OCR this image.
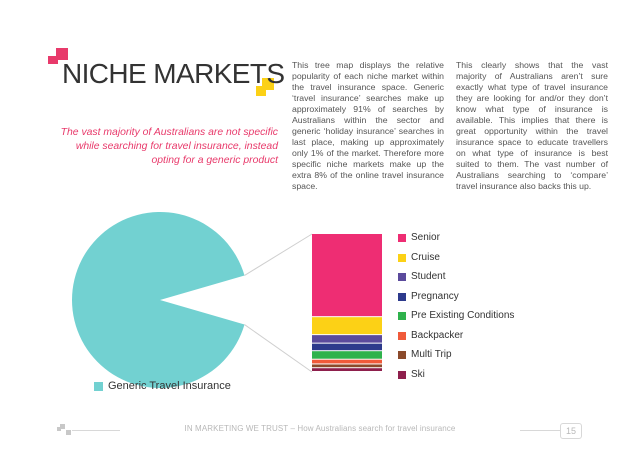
NICHE MARKETS
The vast majority of Australians are not specific while searching for travel insurance, instead opting for a generic product
This tree map displays the relative popularity of each niche market within the travel insurance space. Generic ‘travel insurance’ searches make up approximately 91% of searches by Australians within the sector and generic ‘holiday insurance’ searches in last place, making up approximately only 1% of the market. Therefore more specific niche markets make up the extra 8% of the online travel insurance space.
This clearly shows that the vast majority of Australians aren’t sure exactly what type of travel insurance they are looking for and/or they don’t know what type of insurance is available. This implies that there is great opportunity within the travel insurance space to educate travellers on what type of insurance is best suited to them. The vast number of Australians searching to ‘compare’ travel insurance also backs this up.
Senior
Cruise
Student
Pregnancy
Pre Existing Conditions
Backpacker
Multi Trip
Ski
Generic Travel Insurance
IN MARKETING WE TRUST – How Australians search for travel insurance	15
